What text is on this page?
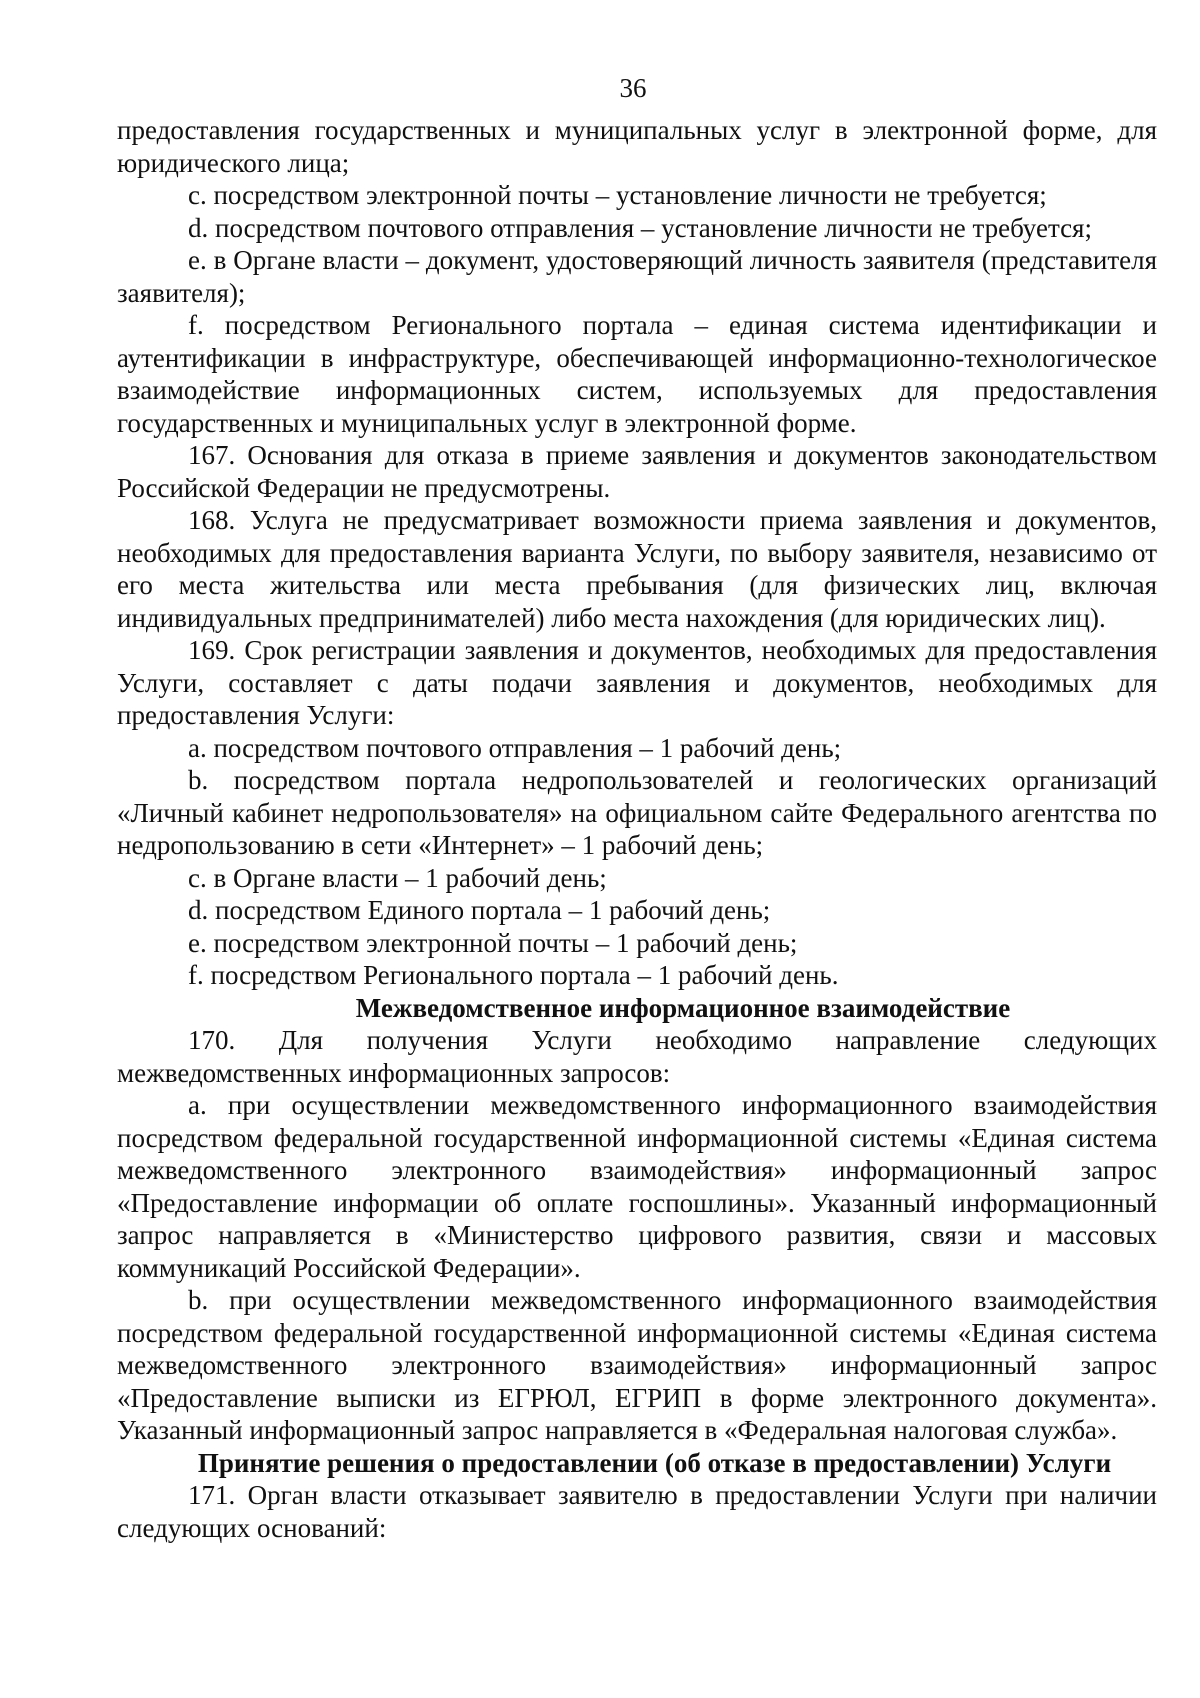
36

предоставления государственных и муниципальных услуг в электронной форме, для юридического лица;

c. посредством электронной почты – установление личности не требуется;

d. посредством почтового отправления – установление личности не требуется;

e. в Органе власти – документ, удостоверяющий личность заявителя (представителя заявителя);

f. посредством Регионального портала – единая система идентификации и аутентификации в инфраструктуре, обеспечивающей информационно-технологическое взаимодействие информационных систем, используемых для предоставления государственных и муниципальных услуг в электронной форме.

167. Основания для отказа в приеме заявления и документов законодательством Российской Федерации не предусмотрены.

168. Услуга не предусматривает возможности приема заявления и документов, необходимых для предоставления варианта Услуги, по выбору заявителя, независимо от его места жительства или места пребывания (для физических лиц, включая индивидуальных предпринимателей) либо места нахождения (для юридических лиц).

169. Срок регистрации заявления и документов, необходимых для предоставления Услуги, составляет с даты подачи заявления и документов, необходимых для предоставления Услуги:

a. посредством почтового отправления – 1 рабочий день;

b. посредством портала недропользователей и геологических организаций «Личный кабинет недропользователя» на официальном сайте Федерального агентства по недропользованию в сети «Интернет» – 1 рабочий день;

c. в Органе власти – 1 рабочий день;

d. посредством Единого портала – 1 рабочий день;

e. посредством электронной почты – 1 рабочий день;

f. посредством Регионального портала – 1 рабочий день.

Межведомственное информационное взаимодействие

170. Для получения Услуги необходимо направление следующих межведомственных информационных запросов:

a. при осуществлении межведомственного информационного взаимодействия посредством федеральной государственной информационной системы «Единая система межведомственного электронного взаимодействия» информационный запрос «Предоставление информации об оплате госпошлины». Указанный информационный запрос направляется в «Министерство цифрового развития, связи и массовых коммуникаций Российской Федерации».

b. при осуществлении межведомственного информационного взаимодействия посредством федеральной государственной информационной системы «Единая система межведомственного электронного взаимодействия» информационный запрос «Предоставление выписки из ЕГРЮЛ, ЕГРИП в форме электронного документа». Указанный информационный запрос направляется в «Федеральная налоговая служба».

Принятие решения о предоставлении (об отказе в предоставлении) Услуги

171. Орган власти отказывает заявителю в предоставлении Услуги при наличии следующих оснований:
